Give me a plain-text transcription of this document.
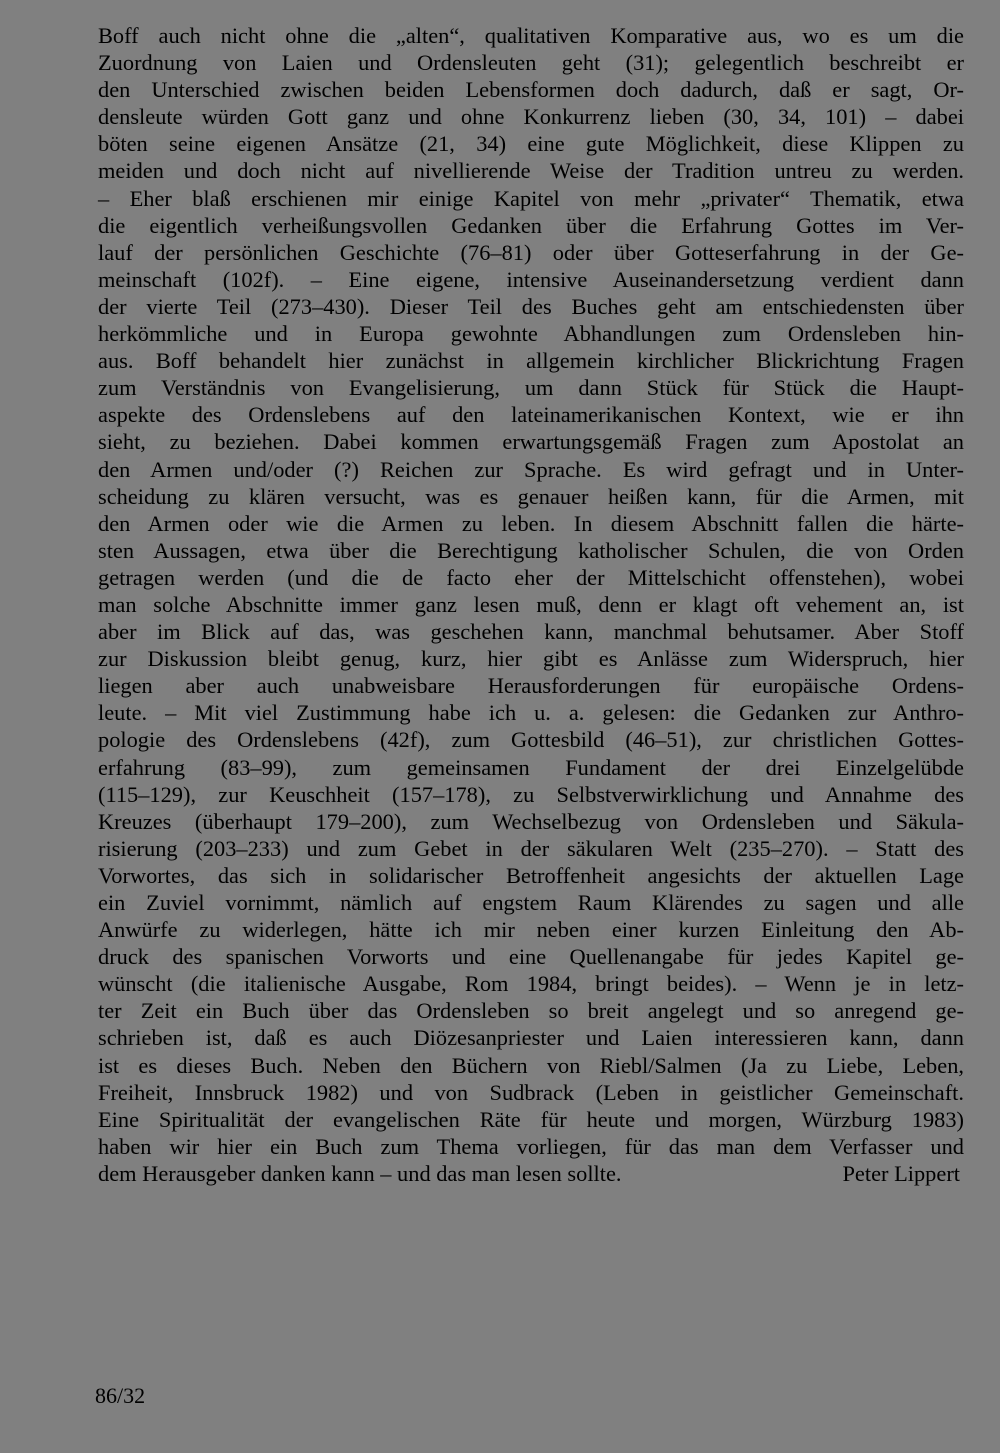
Boff auch nicht ohne die „alten“, qualitativen Komparative aus, wo es um die
Zuordnung von Laien und Ordensleuten geht (31); gelegentlich beschreibt er
den Unterschied zwischen beiden Lebensformen doch dadurch, daß er sagt, Or-
densleute würden Gott ganz und ohne Konkurrenz lieben (30, 34, 101) – dabei
böten seine eigenen Ansätze (21, 34) eine gute Möglichkeit, diese Klippen zu
meiden und doch nicht auf nivellierende Weise der Tradition untreu zu werden.
– Eher blaß erschienen mir einige Kapitel von mehr „privater“ Thematik, etwa
die eigentlich verheißungsvollen Gedanken über die Erfahrung Gottes im Ver-
lauf der persönlichen Geschichte (76–81) oder über Gotteserfahrung in der Ge-
meinschaft (102f). – Eine eigene, intensive Auseinandersetzung verdient dann
der vierte Teil (273–430). Dieser Teil des Buches geht am entschiedensten über
herkömmliche und in Europa gewohnte Abhandlungen zum Ordensleben hin-
aus. Boff behandelt hier zunächst in allgemein kirchlicher Blickrichtung Fragen
zum Verständnis von Evangelisierung, um dann Stück für Stück die Haupt-
aspekte des Ordenslebens auf den lateinamerikanischen Kontext, wie er ihn
sieht, zu beziehen. Dabei kommen erwartungsgemäß Fragen zum Apostolat an
den Armen und/oder (?) Reichen zur Sprache. Es wird gefragt und in Unter-
scheidung zu klären versucht, was es genauer heißen kann, für die Armen, mit
den Armen oder wie die Armen zu leben. In diesem Abschnitt fallen die härte-
sten Aussagen, etwa über die Berechtigung katholischer Schulen, die von Orden
getragen werden (und die de facto eher der Mittelschicht offenstehen), wobei
man solche Abschnitte immer ganz lesen muß, denn er klagt oft vehement an, ist
aber im Blick auf das, was geschehen kann, manchmal behutsamer. Aber Stoff
zur Diskussion bleibt genug, kurz, hier gibt es Anlässe zum Widerspruch, hier
liegen aber auch unabweisbare Herausforderungen für europäische Ordens-
leute. – Mit viel Zustimmung habe ich u. a. gelesen: die Gedanken zur Anthro-
pologie des Ordenslebens (42f), zum Gottesbild (46–51), zur christlichen Gottes-
erfahrung (83–99), zum gemeinsamen Fundament der drei Einzelgelübde
(115–129), zur Keuschheit (157–178), zu Selbstverwirklichung und Annahme des
Kreuzes (überhaupt 179–200), zum Wechselbezug von Ordensleben und Säkula-
risierung (203–233) und zum Gebet in der säkularen Welt (235–270). – Statt des
Vorwortes, das sich in solidarischer Betroffenheit angesichts der aktuellen Lage
ein Zuviel vornimmt, nämlich auf engstem Raum Klärendes zu sagen und alle
Anwürfe zu widerlegen, hätte ich mir neben einer kurzen Einleitung den Ab-
druck des spanischen Vorworts und eine Quellenangabe für jedes Kapitel ge-
wünscht (die italienische Ausgabe, Rom 1984, bringt beides). – Wenn je in letz-
ter Zeit ein Buch über das Ordensleben so breit angelegt und so anregend ge-
schrieben ist, daß es auch Diözesanpriester und Laien interessieren kann, dann
ist es dieses Buch. Neben den Büchern von Riebl/Salmen (Ja zu Liebe, Leben,
Freiheit, Innsbruck 1982) und von Sudbrack (Leben in geistlicher Gemeinschaft.
Eine Spiritualität der evangelischen Räte für heute und morgen, Würzburg 1983)
haben wir hier ein Buch zum Thema vorliegen, für das man dem Verfasser und
dem Herausgeber danken kann – und das man lesen sollte.	Peter Lippert
86/32
